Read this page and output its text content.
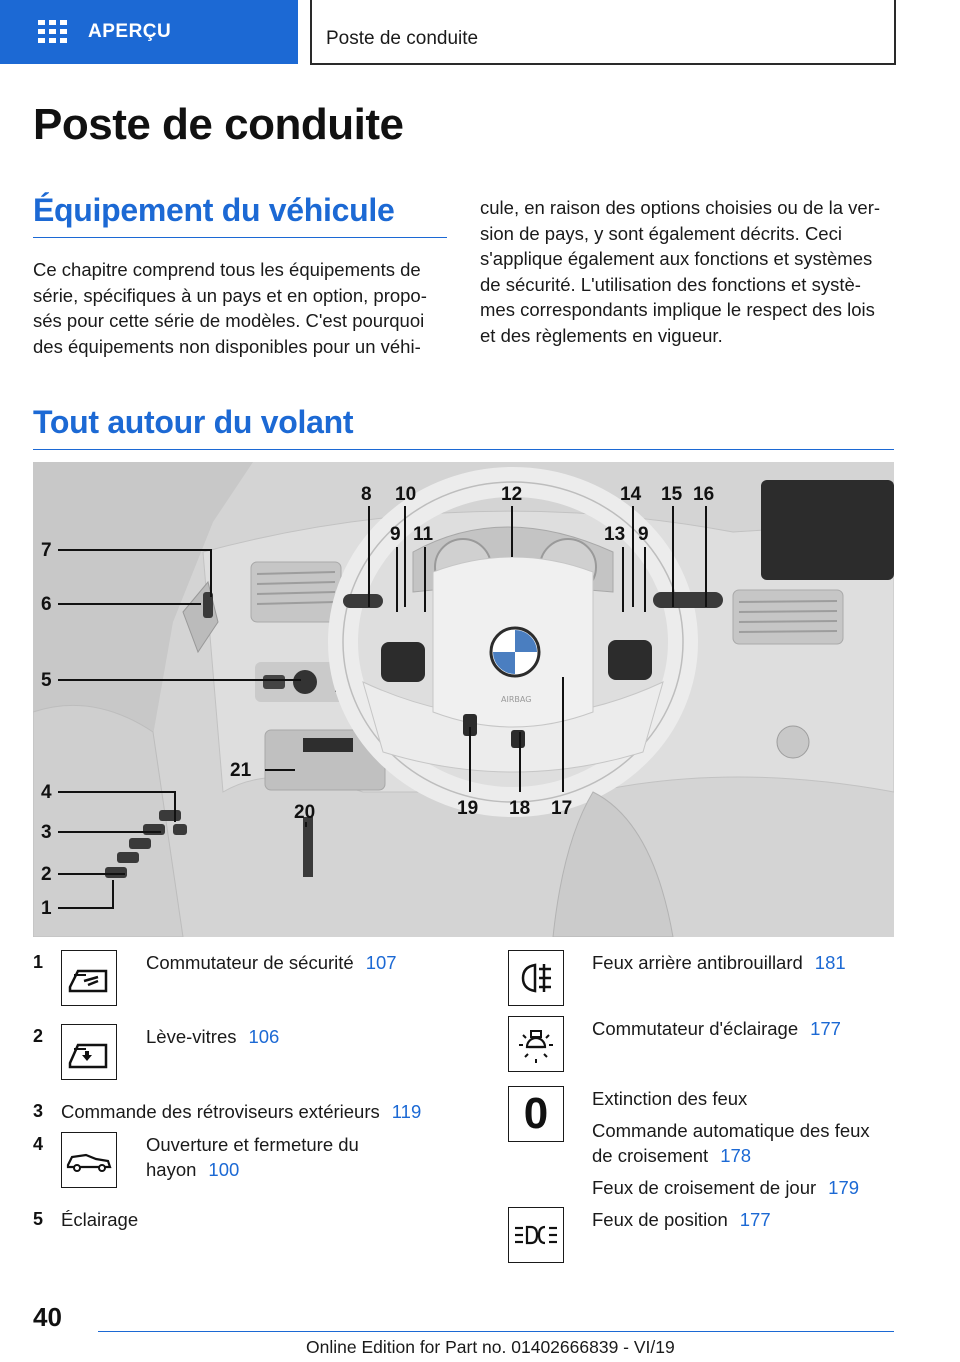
APERÇU	Poste de conduite
Poste de conduite
Équipement du véhicule
Ce chapitre comprend tous les équipements de série, spécifiques à un pays et en option, propo-sés pour cette série de modèles. C'est pourquoi des équipements non disponibles pour un véhi-
cule, en raison des options choisies ou de la ver-sion de pays, y sont également décrits. Ceci s'applique également aux fonctions et systèmes de sécurité. L'utilisation des fonctions et systè-mes correspondants implique le respect des lois et des règlements en vigueur.
Tout autour du volant
AIRBAG
7
6
5
4
3
2
1
8
9
10
11
12
13
14
9
15 16
17
18
19
20
21
1	Commutateur de sécurité 107
2	Lève-vitres 106
3 Commande des rétroviseurs extérieurs 119
4	Ouverture et fermeture du
hayon 100
5 Éclairage
Feux arrière antibrouillard 181
Commutateur d'éclairage 177
0	Extinction des feux
Commande automatique des feux
de croisement 178
Feux de croisement de jour 179
Feux de position 177
40
Online Edition for Part no. 01402666839 - VI/19
